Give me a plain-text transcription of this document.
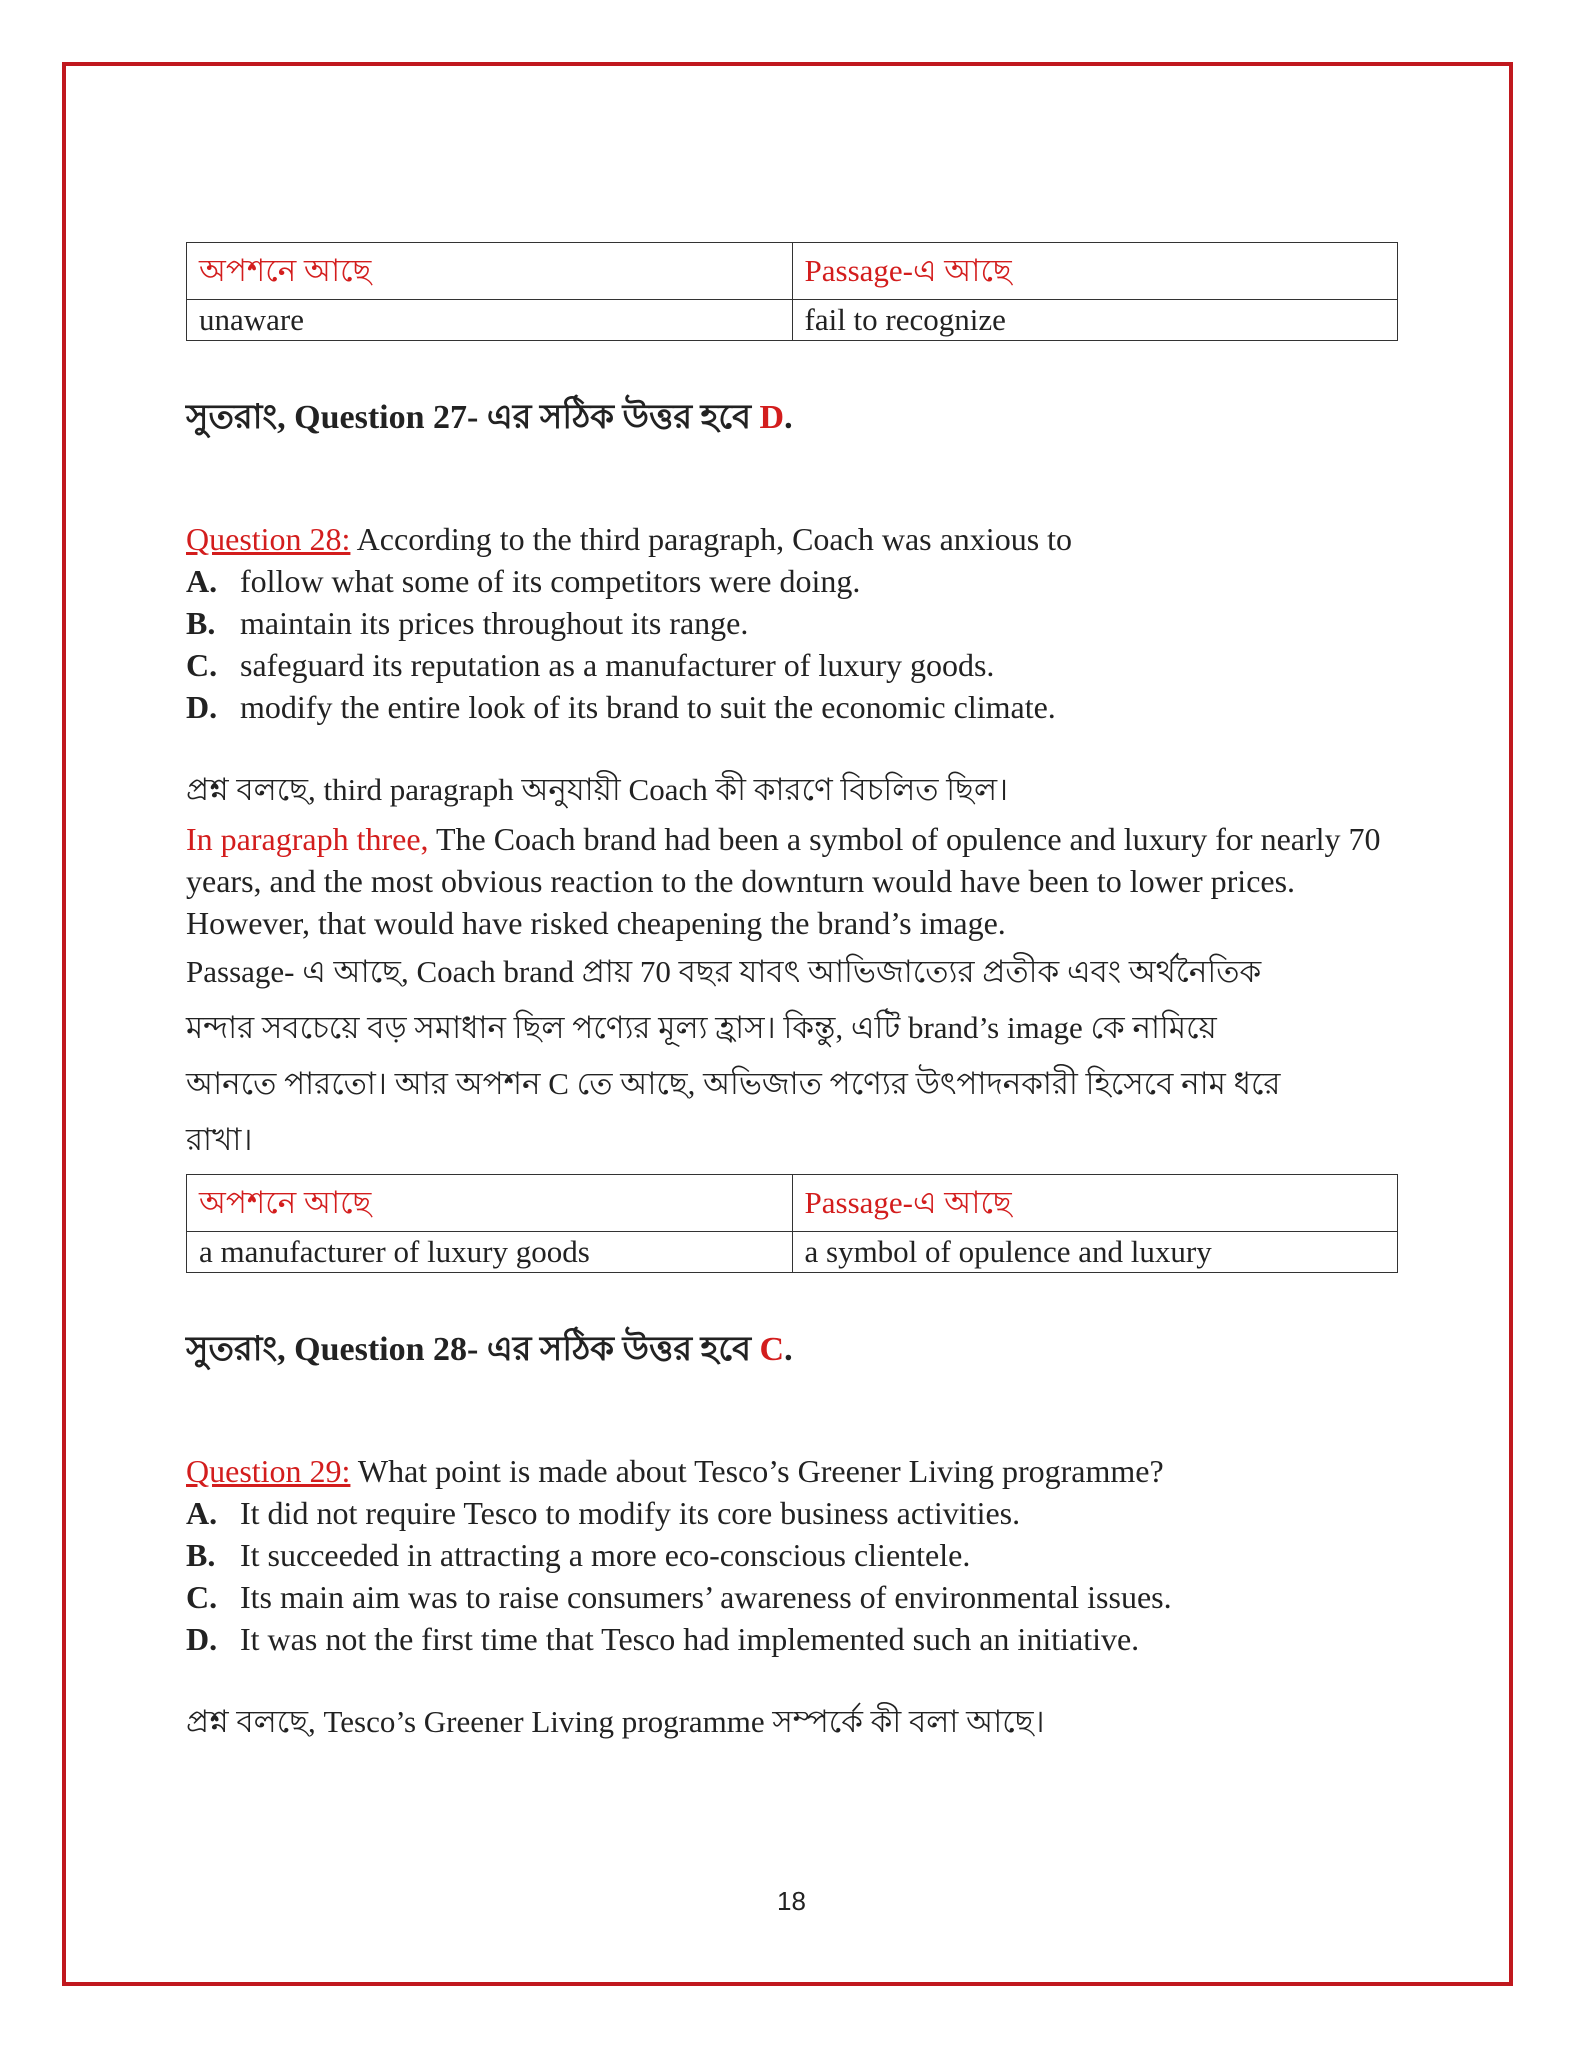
অপশনে আছে	Passage-এ আছে
unaware	fail to recognize
সুতরাং, Question 27- এর সঠিক উত্তর হবে D.
Question 28: According to the third paragraph, Coach was anxious to
A. follow what some of its competitors were doing.
B. maintain its prices throughout its range.
C. safeguard its reputation as a manufacturer of luxury goods.
D. modify the entire look of its brand to suit the economic climate.

প্রশ্ন বলছে, third paragraph অনুযায়ী Coach কী কারণে বিচলিত ছিল।

In paragraph three, The Coach brand had been a symbol of opulence and luxury for nearly 70 years, and the most obvious reaction to the downturn would have been to lower prices. However, that would have risked cheapening the brand’s image.

Passage- এ আছে, Coach brand প্রায় 70 বছর যাবৎ আভিজাত্যের প্রতীক এবং অর্থনৈতিক

মন্দার সবচেয়ে বড় সমাধান ছিল পণ্যের মূল্য হ্রাস। কিন্তু, এটি brand’s image কে নামিয়ে

আনতে পারতো। আর অপশন C তে আছে, অভিজাত পণ্যের উৎপাদনকারী হিসেবে নাম ধরে

রাখা।

অপশনে আছে	Passage-এ আছে
a manufacturer of luxury goods	a symbol of opulence and luxury
সুতরাং, Question 28- এর সঠিক উত্তর হবে C.
Question 29: What point is made about Tesco’s Greener Living programme?
A. It did not require Tesco to modify its core business activities.
B. It succeeded in attracting a more eco-conscious clientele.
C. Its main aim was to raise consumers’ awareness of environmental issues.
D. It was not the first time that Tesco had implemented such an initiative.

প্রশ্ন বলছে, Tesco’s Greener Living programme সম্পর্কে কী বলা আছে।

18
